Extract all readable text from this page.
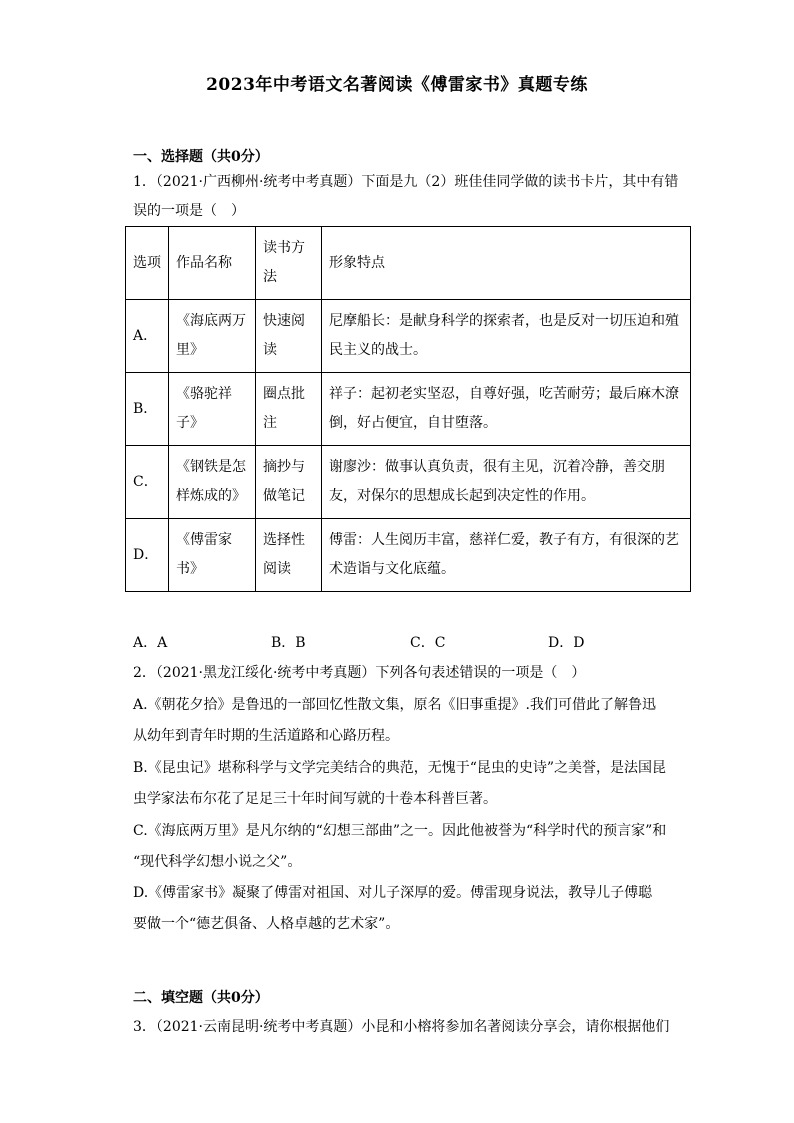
2023年中考语文名著阅读《傅雷家书》真题专练
一、选择题（共0分）
1．（2021·广西柳州·统考中考真题）下面是九（2）班佳佳同学做的读书卡片，其中有错
误的一项是（　）
选项	作品名称	读书方法	形象特点
A．	《海底两万里》	快速阅读	尼摩船长：是献身科学的探索者，也是反对一切压迫和殖民主义的战士。
B．	《骆驼祥子》	圈点批注	祥子：起初老实坚忍，自尊好强，吃苦耐劳；最后麻木潦倒，好占便宜，自甘堕落。
C．	《钢铁是怎样炼成的》	摘抄与做笔记	谢廖沙：做事认真负责，很有主见，沉着冷静，善交朋友，对保尔的思想成长起到决定性的作用。
D．	《傅雷家书》	选择性阅读	傅雷：人生阅历丰富，慈祥仁爱，教子有方，有很深的艺术造诣与文化底蕴。
A．A	B．B	C．C	D．D
2．（2021·黑龙江绥化·统考中考真题）下列各句表述错误的一项是（　）
A.《朝花夕拾》是鲁迅的一部回忆性散文集，原名《旧事重提》.我们可借此了解鲁迅
从幼年到青年时期的生活道路和心路历程。
B.《昆虫记》堪称科学与文学完美结合的典范，无愧于“昆虫的史诗”之美誉，是法国昆
虫学家法布尔花了足足三十年时间写就的十卷本科普巨著。
C.《海底两万里》是凡尔纳的“幻想三部曲”之一。因此他被誉为“科学时代的预言家”和
“现代科学幻想小说之父”。
D.《傅雷家书》凝聚了傅雷对祖国、对儿子深厚的爱。傅雷现身说法，教导儿子傅聪
要做一个“德艺俱备、人格卓越的艺术家”。
二、填空题（共0分）
3．（2021·云南昆明·统考中考真题）小昆和小榕将参加名著阅读分享会，请你根据他们
